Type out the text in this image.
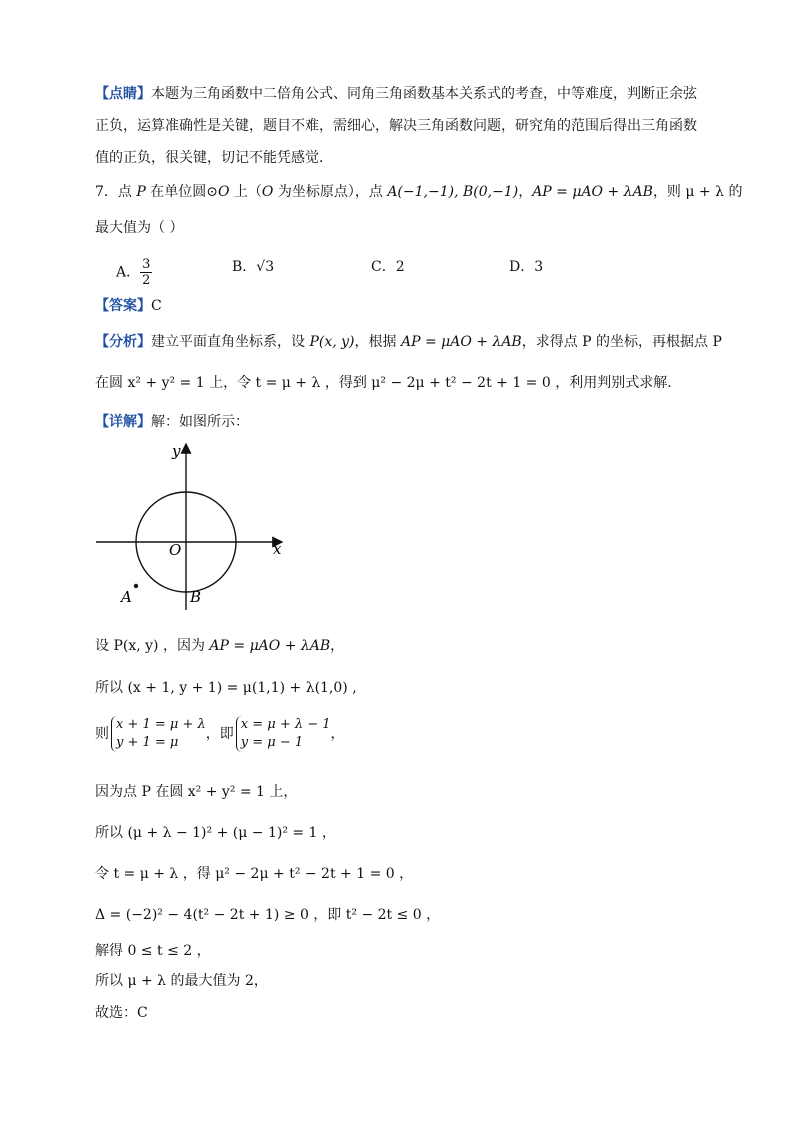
【点睛】本题为三角函数中二倍角公式、同角三角函数基本关系式的考查，中等难度，判断正余弦
正负，运算准确性是关键，题目不难，需细心，解决三角函数问题，研究角的范围后得出三角函数
值的正负，很关键，切记不能凭感觉．
7．点 P 在单位圆⊙O 上（O 为坐标原点），点 A(−1,−1), B(0,−1)，AP = μAO + λAB，则 μ + λ 的
最大值为（ ）
A． $\frac{3}{2}$	B．√3	C．2	D．3
【答案】C
【分析】建立平面直角坐标系，设 P(x, y)，根据 AP = μAO + λAB，求得点 P 的坐标，再根据点 P
在圆 x² + y² = 1 上，令 t = μ + λ ，得到 μ² − 2μ + t² − 2t + 1 = 0 ，利用判别式求解.
【详解】解：如图所示：
y
x
O
A	B
设 P(x, y) ，因为 AP = μAO + λAB，
所以 (x + 1, y + 1) = μ(1,1) + λ(1,0) ,
则
x + 1 = μ + λ
y + 1 = μ
，即
x = μ + λ − 1
y = μ − 1
，
因为点 P 在圆 x² + y² = 1 上，
所以 (μ + λ − 1)² + (μ − 1)² = 1 ，
令 t = μ + λ ，得 μ² − 2μ + t² − 2t + 1 = 0 ，
Δ = (−2)² − 4(t² − 2t + 1) ≥ 0 ，即 t² − 2t ≤ 0 ，
解得 0 ≤ t ≤ 2 ，
所以 μ + λ 的最大值为 2，
故选：C
